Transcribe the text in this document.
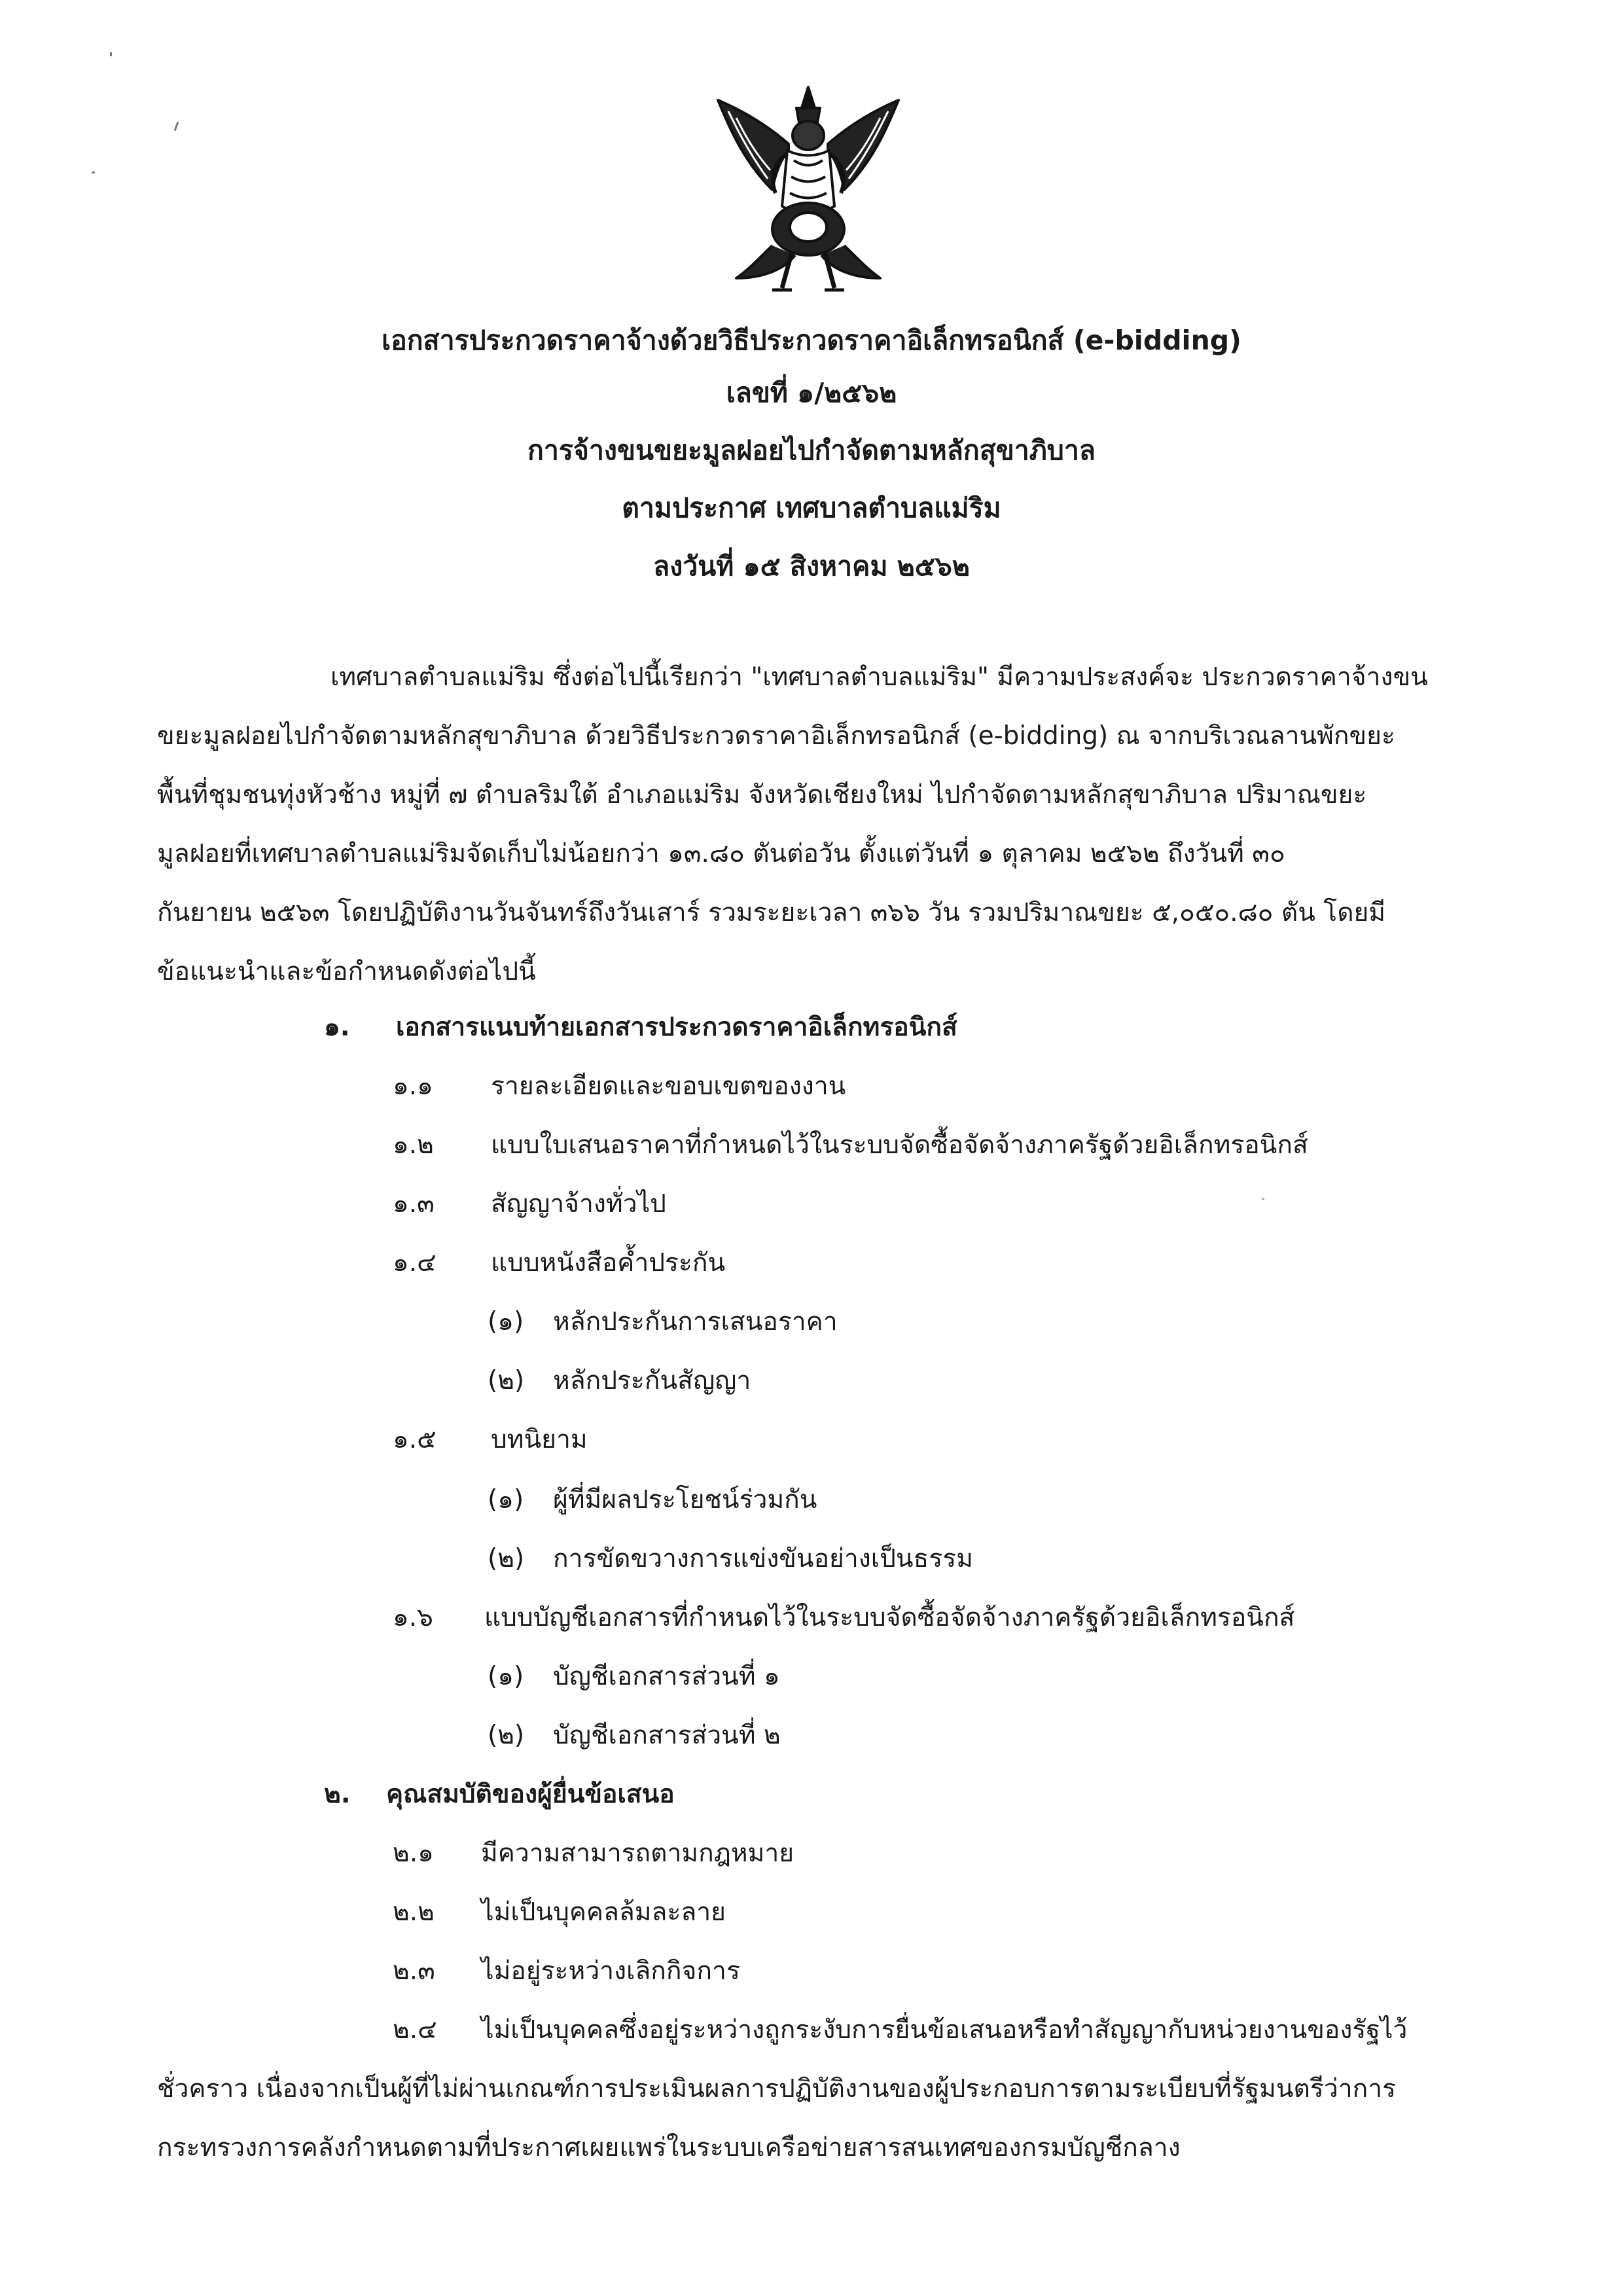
เอกสารประกวดราคาจ้างด้วยวิธีประกวดราคาอิเล็กทรอนิกส์ (e-bidding)
เลขที่ ๑/๒๕๖๒
การจ้างขนขยะมูลฝอยไปกำจัดตามหลักสุขาภิบาล
ตามประกาศ เทศบาลตำบลแม่ริม
ลงวันที่ ๑๕ สิงหาคม ๒๕๖๒
เทศบาลตำบลแม่ริม ซึ่งต่อไปนี้เรียกว่า "เทศบาลตำบลแม่ริม" มีความประสงค์จะ ประกวดราคาจ้างขน
ขยะมูลฝอยไปกำจัดตามหลักสุขาภิบาล ด้วยวิธีประกวดราคาอิเล็กทรอนิกส์ (e-bidding) ณ จากบริเวณลานพักขยะ
พื้นที่ชุมชนทุ่งหัวช้าง หมู่ที่ ๗ ตำบลริมใต้ อำเภอแม่ริม จังหวัดเชียงใหม่ ไปกำจัดตามหลักสุขาภิบาล ปริมาณขยะ
มูลฝอยที่เทศบาลตำบลแม่ริมจัดเก็บไม่น้อยกว่า ๑๓.๘๐ ตันต่อวัน ตั้งแต่วันที่ ๑ ตุลาคม ๒๕๖๒ ถึงวันที่ ๓๐
กันยายน ๒๕๖๓ โดยปฏิบัติงานวันจันทร์ถึงวันเสาร์ รวมระยะเวลา ๓๖๖ วัน รวมปริมาณขยะ ๕,๐๕๐.๘๐ ตัน โดยมี
ข้อแนะนำและข้อกำหนดดังต่อไปนี้
๑. เอกสารแนบท้ายเอกสารประกวดราคาอิเล็กทรอนิกส์
๑.๑ รายละเอียดและขอบเขตของงาน
๑.๒ แบบใบเสนอราคาที่กำหนดไว้ในระบบจัดซื้อจัดจ้างภาครัฐด้วยอิเล็กทรอนิกส์
๑.๓ สัญญาจ้างทั่วไป
๑.๔ แบบหนังสือค้ำประกัน
(๑) หลักประกันการเสนอราคา
(๒) หลักประกันสัญญา
๑.๕ บทนิยาม
(๑) ผู้ที่มีผลประโยชน์ร่วมกัน
(๒) การขัดขวางการแข่งขันอย่างเป็นธรรม
๑.๖ แบบบัญชีเอกสารที่กำหนดไว้ในระบบจัดซื้อจัดจ้างภาครัฐด้วยอิเล็กทรอนิกส์
(๑) บัญชีเอกสารส่วนที่ ๑
(๒) บัญชีเอกสารส่วนที่ ๒
๒. คุณสมบัติของผู้ยื่นข้อเสนอ
๒.๑ มีความสามารถตามกฎหมาย
๒.๒ ไม่เป็นบุคคลล้มละลาย
๒.๓ ไม่อยู่ระหว่างเลิกกิจการ
๒.๔ ไม่เป็นบุคคลซึ่งอยู่ระหว่างถูกระงับการยื่นข้อเสนอหรือทำสัญญากับหน่วยงานของรัฐไว้
ชั่วคราว เนื่องจากเป็นผู้ที่ไม่ผ่านเกณฑ์การประเมินผลการปฏิบัติงานของผู้ประกอบการตามระเบียบที่รัฐมนตรีว่าการ
กระทรวงการคลังกำหนดตามที่ประกาศเผยแพร่ในระบบเครือข่ายสารสนเทศของกรมบัญชีกลาง
